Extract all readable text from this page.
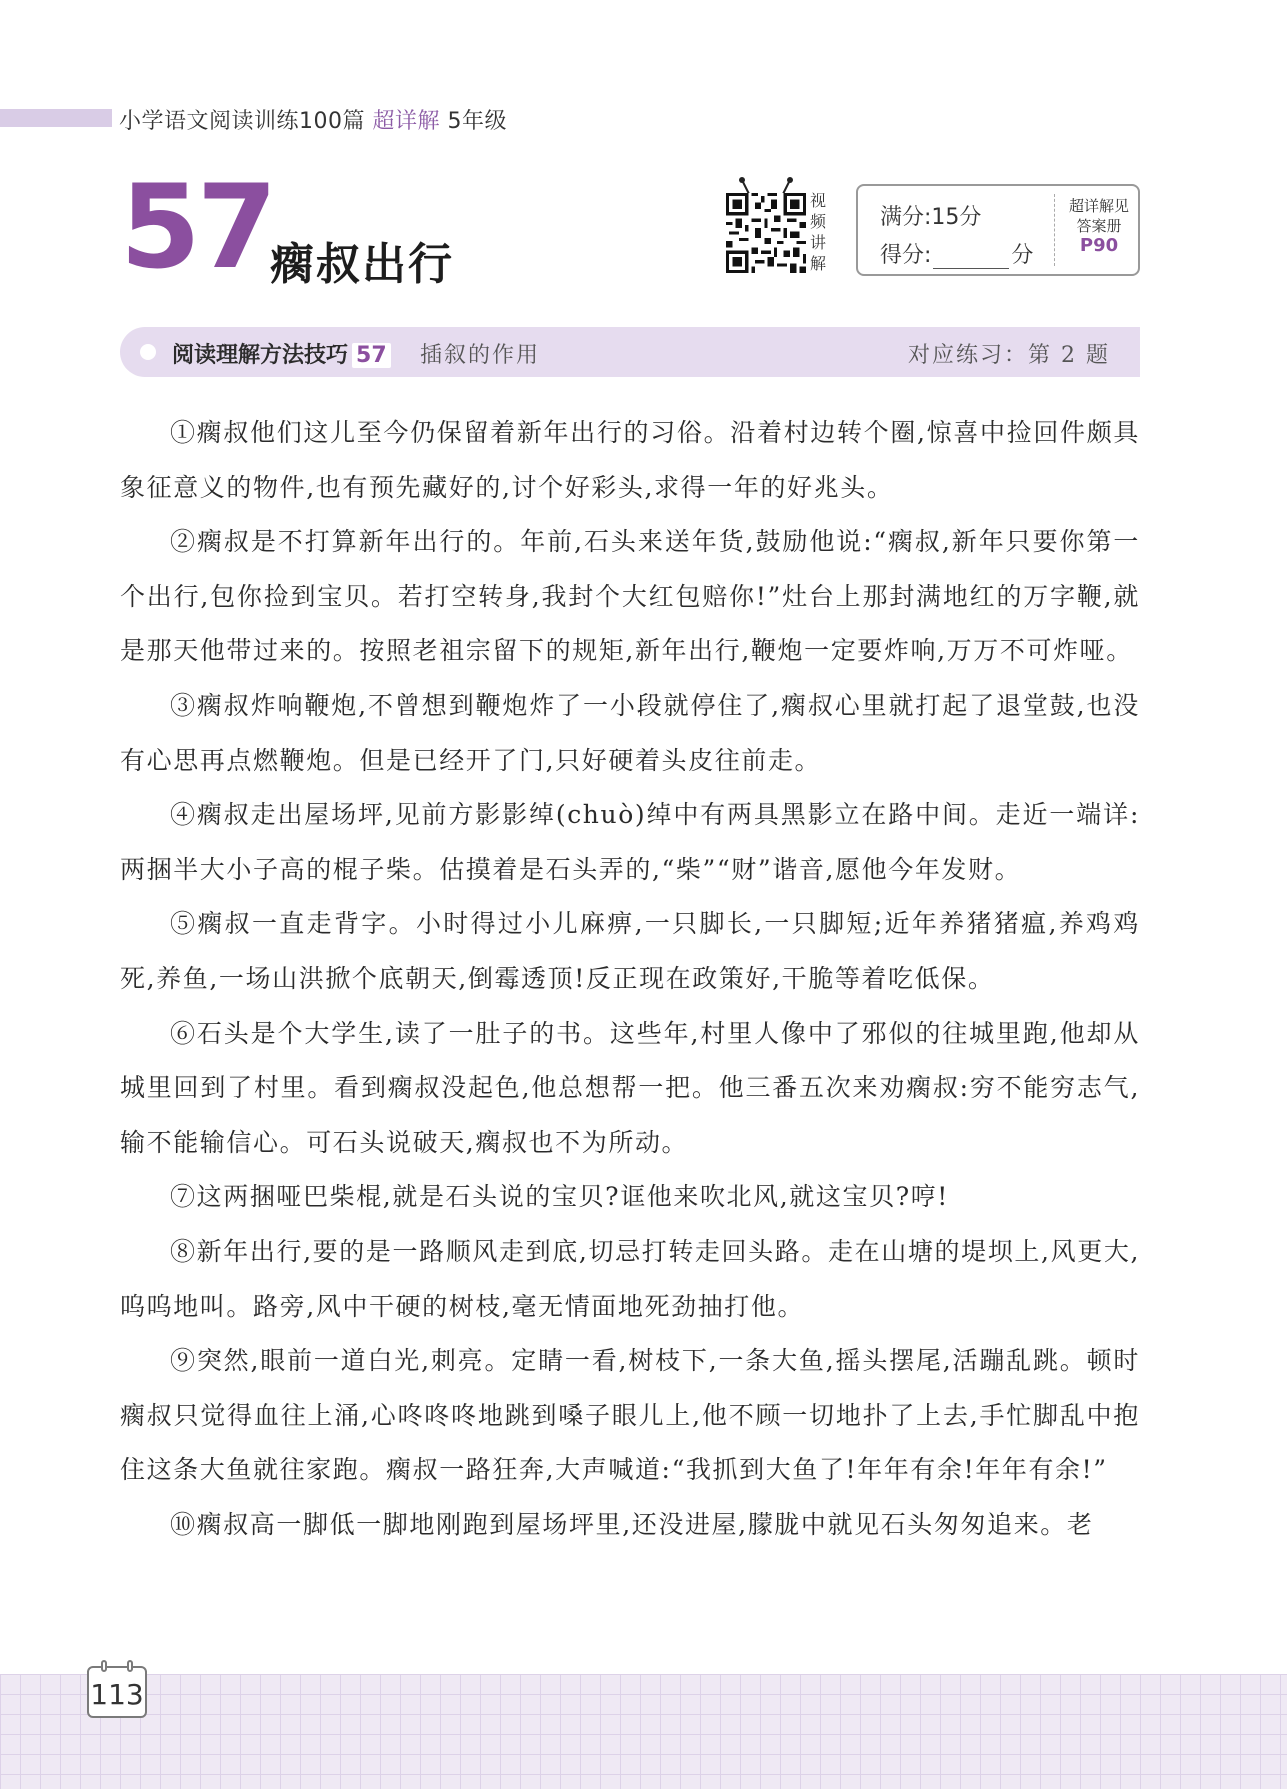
小学语文阅读训练100篇 超详解 5年级
57
瘸叔出行
视
频
讲
解
满分:15分
得分:	分
超详解见
答案册
P90
阅读理解方法技巧 57 插叙的作用	对应练习：第 2 题

①瘸叔他们这儿至今仍保留着新年出行的习俗。沿着村边转个圈,惊喜中捡回件颇具象征意义的物件,也有预先藏好的,讨个好彩头,求得一年的好兆头。

②瘸叔是不打算新年出行的。年前,石头来送年货,鼓励他说:“瘸叔,新年只要你第一个出行,包你捡到宝贝。若打空转身,我封个大红包赔你!”灶台上那封满地红的万字鞭,就是那天他带过来的。按照老祖宗留下的规矩,新年出行,鞭炮一定要炸响,万万不可炸哑。

③瘸叔炸响鞭炮,不曾想到鞭炮炸了一小段就停住了,瘸叔心里就打起了退堂鼓,也没有心思再点燃鞭炮。但是已经开了门,只好硬着头皮往前走。

④瘸叔走出屋场坪,见前方影影绰(chuò)绰中有两具黑影立在路中间。走近一端详:两捆半大小子高的棍子柴。估摸着是石头弄的,“柴”“财”谐音,愿他今年发财。

⑤瘸叔一直走背字。小时得过小儿麻痹,一只脚长,一只脚短;近年养猪猪瘟,养鸡鸡死,养鱼,一场山洪掀个底朝天,倒霉透顶!反正现在政策好,干脆等着吃低保。

⑥石头是个大学生,读了一肚子的书。这些年,村里人像中了邪似的往城里跑,他却从城里回到了村里。看到瘸叔没起色,他总想帮一把。他三番五次来劝瘸叔:穷不能穷志气,输不能输信心。可石头说破天,瘸叔也不为所动。

⑦这两捆哑巴柴棍,就是石头说的宝贝?诓他来吹北风,就这宝贝?哼!

⑧新年出行,要的是一路顺风走到底,切忌打转走回头路。走在山塘的堤坝上,风更大,呜呜地叫。路旁,风中干硬的树枝,毫无情面地死劲抽打他。

⑨突然,眼前一道白光,刺亮。定睛一看,树枝下,一条大鱼,摇头摆尾,活蹦乱跳。顿时瘸叔只觉得血往上涌,心咚咚咚地跳到嗓子眼儿上,他不顾一切地扑了上去,手忙脚乱中抱住这条大鱼就往家跑。瘸叔一路狂奔,大声喊道:“我抓到大鱼了!年年有余!年年有余!”

⑩瘸叔高一脚低一脚地刚跑到屋场坪里,还没进屋,朦胧中就见石头匆匆追来。老

113
